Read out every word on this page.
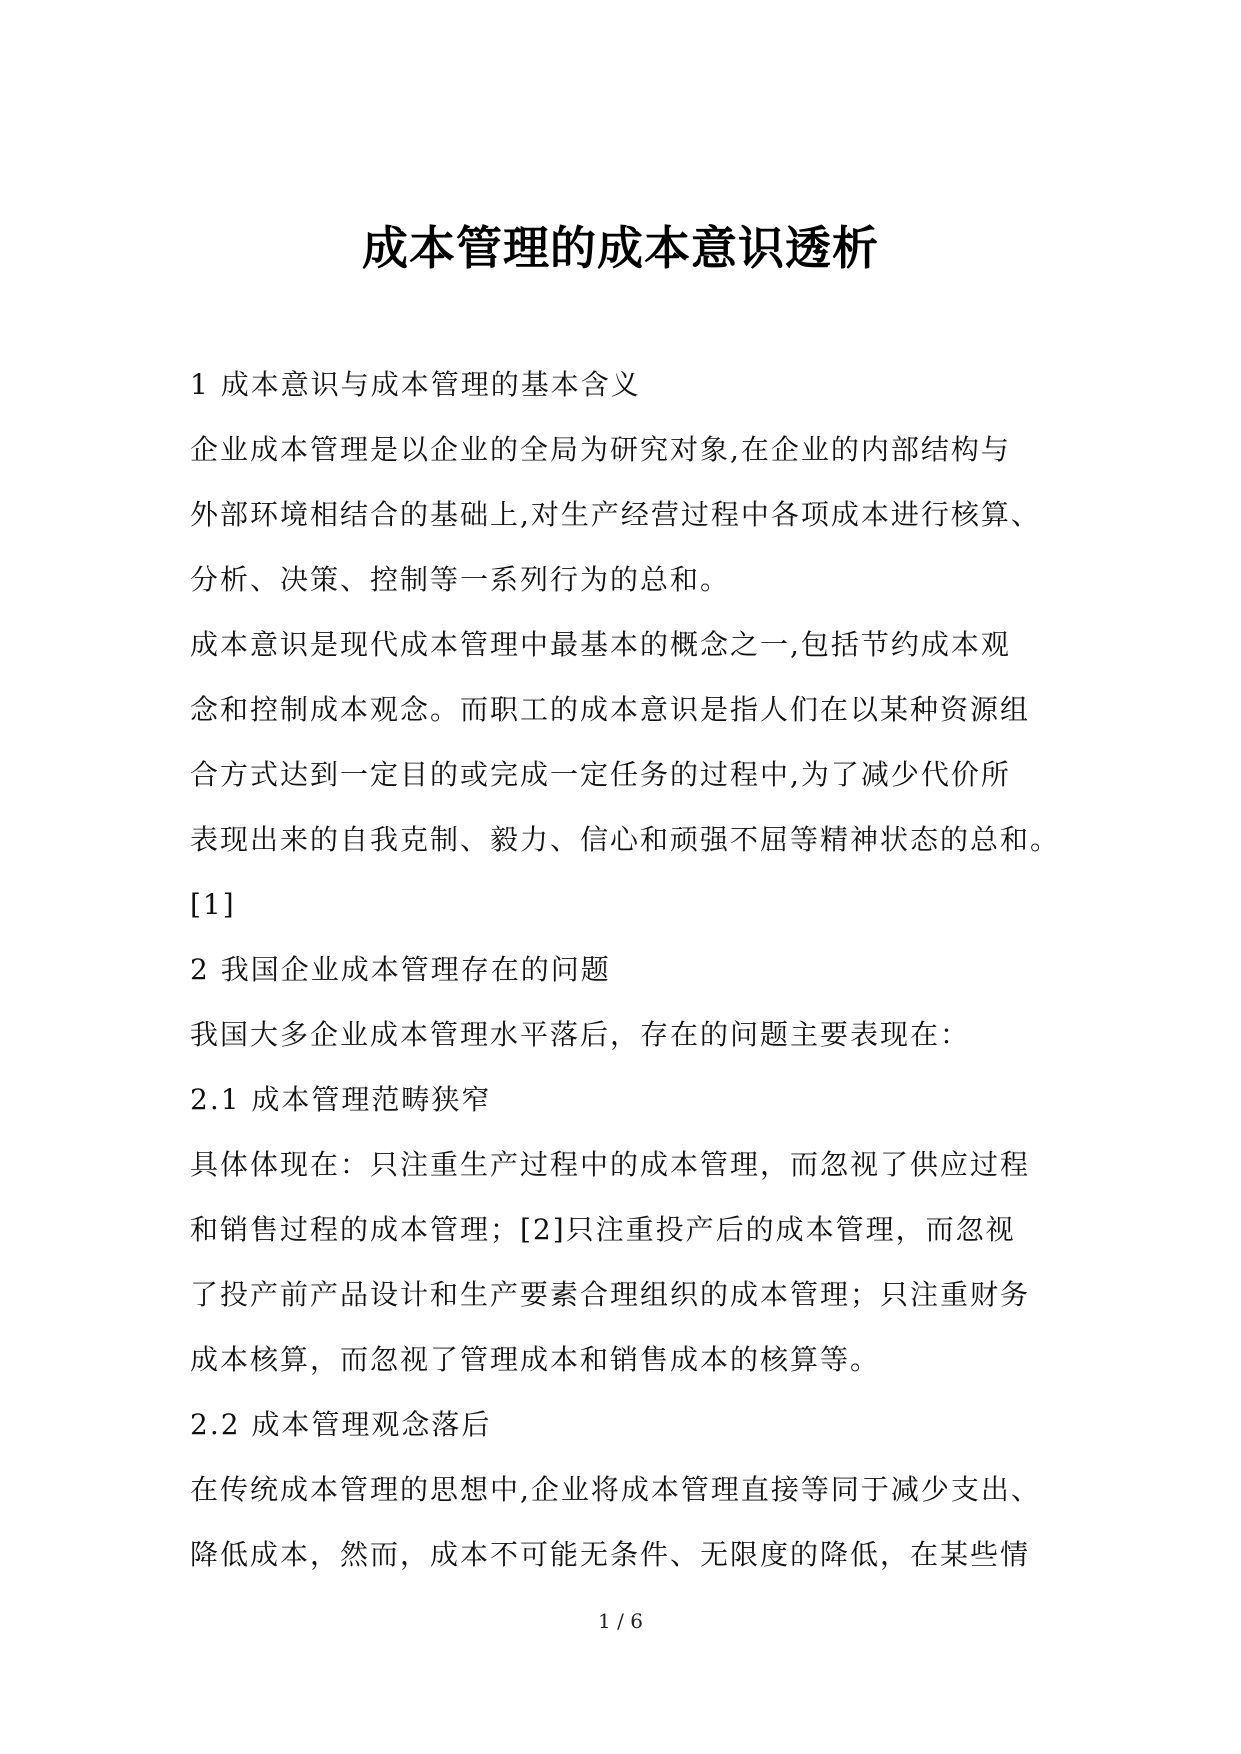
成本管理的成本意识透析
1 成本意识与成本管理的基本含义
企业成本管理是以企业的全局为研究对象,在企业的内部结构与
外部环境相结合的基础上,对生产经营过程中各项成本进行核算、
分析、决策、控制等一系列行为的总和。
成本意识是现代成本管理中最基本的概念之一,包括节约成本观
念和控制成本观念。而职工的成本意识是指人们在以某种资源组
合方式达到一定目的或完成一定任务的过程中,为了减少代价所
表现出来的自我克制、毅力、信心和顽强不屈等精神状态的总和。
[1]
2 我国企业成本管理存在的问题
我国大多企业成本管理水平落后，存在的问题主要表现在：
2.1 成本管理范畴狭窄
具体体现在：只注重生产过程中的成本管理，而忽视了供应过程
和销售过程的成本管理；[2]只注重投产后的成本管理，而忽视
了投产前产品设计和生产要素合理组织的成本管理；只注重财务
成本核算，而忽视了管理成本和销售成本的核算等。
2.2 成本管理观念落后
在传统成本管理的思想中,企业将成本管理直接等同于减少支出、
降低成本，然而，成本不可能无条件、无限度的降低，在某些情
1 / 6
